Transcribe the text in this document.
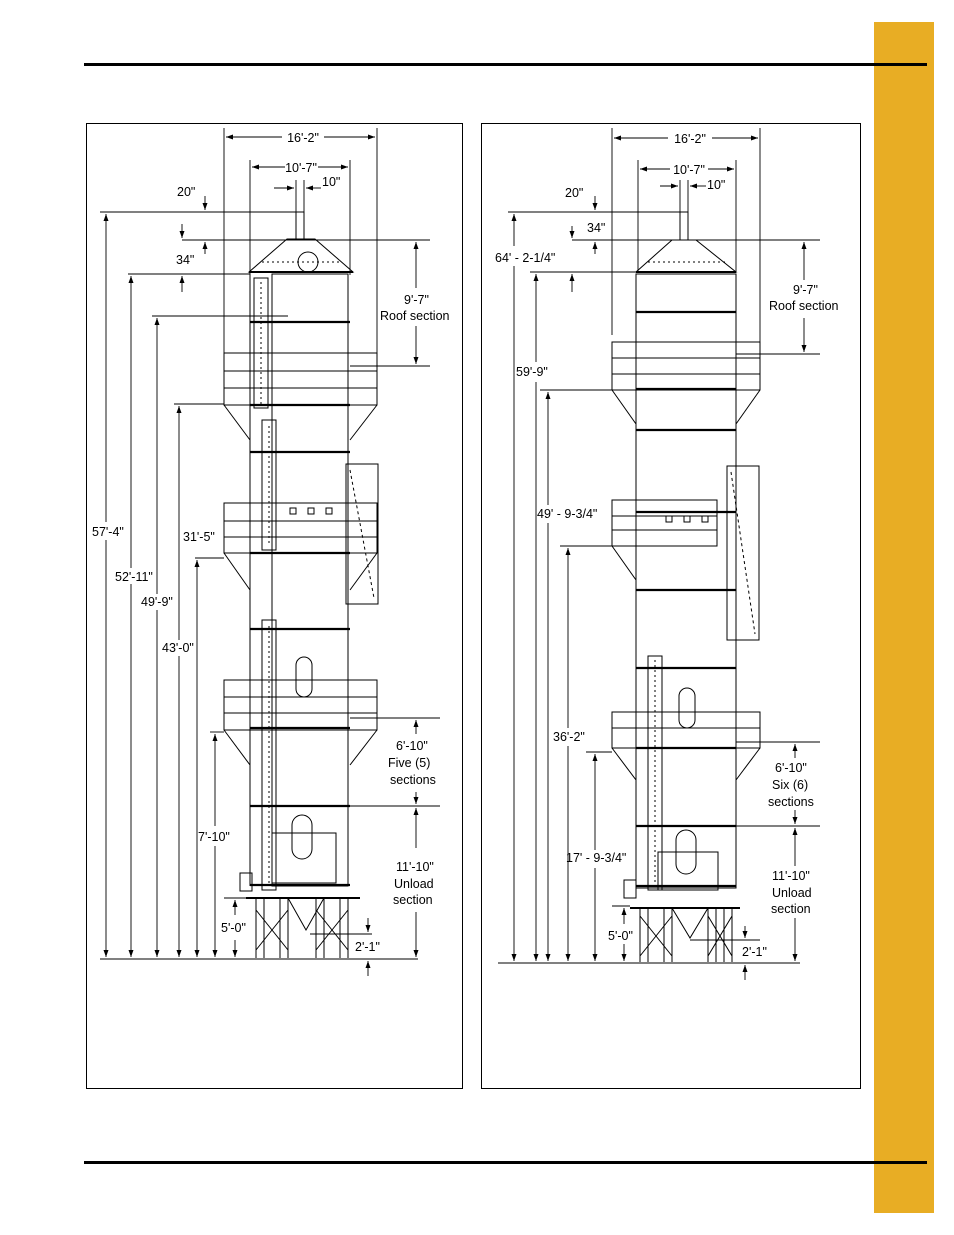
16'-2"
10'-7"
10"
20"
34"
9'-7"
Roof section
57'-4"	31'-5"
52'-11"
49'-9"
43'-0"
6'-10"
Five (5)
sections
7'-10"
11'-10"
Unload
section
5'-0"
2'-1"
16'-2"
10'-7"
10"
20"
34"
64' - 2-1/4"
9'-7"
Roof section
59'-9"
49' - 9-3/4"
36'-2"
6'-10"
Six (6)
sections
17' - 9-3/4"
11'-10"
Unload
section
5'-0"
2'-1"
